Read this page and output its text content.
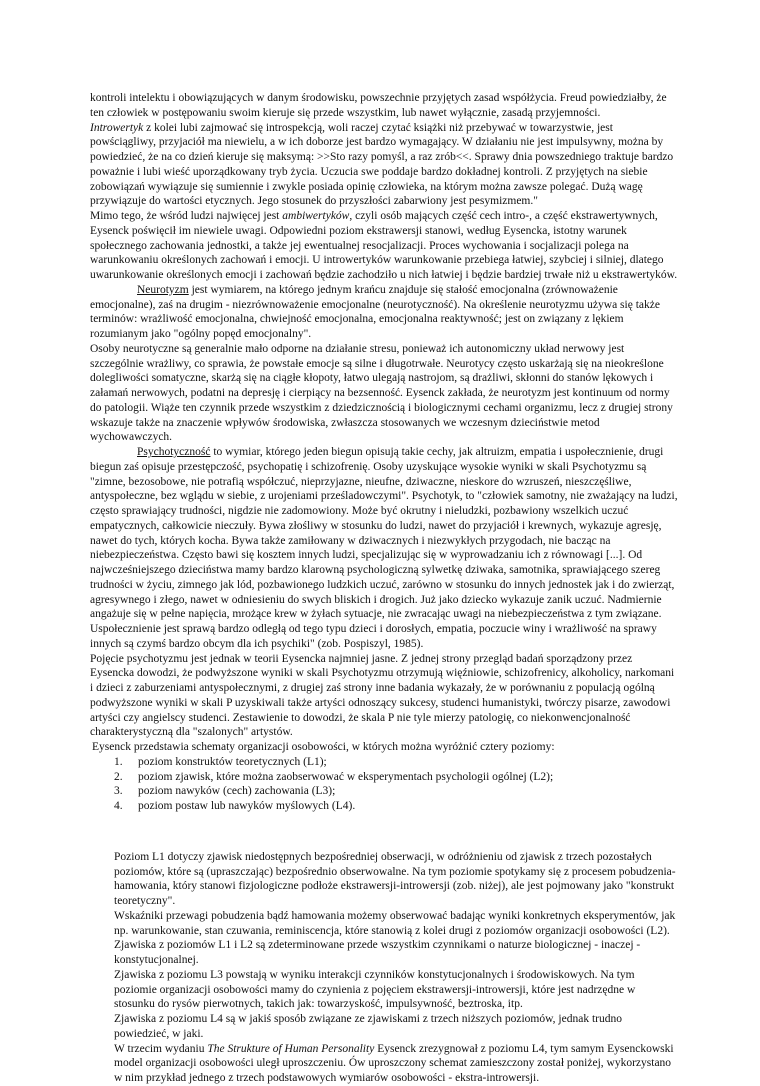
kontroli intelektu i obowiązujących w danym środowisku, powszechnie przyjętych zasad współżycia. Freud powiedziałby, że ten człowiek w postępowaniu swoim kieruje się przede wszystkim, lub nawet wyłącznie, zasadą przyjemności.

Introwertyk z kolei lubi zajmować się introspekcją, woli raczej czytać książki niż przebywać w towarzystwie, jest powściągliwy, przyjaciół ma niewielu, a w ich doborze jest bardzo wymagający. W działaniu nie jest impulsywny, można by powiedzieć, że na co dzień kieruje się maksymą: >>Sto razy pomyśl, a raz zrób<<. Sprawy dnia powszedniego traktuje bardzo poważnie i lubi wieść uporządkowany tryb życia. Uczucia swe poddaje bardzo dokładnej kontroli. Z przyjętych na siebie zobowiązań wywiązuje się sumiennie i zwykle posiada opinię człowieka, na którym można zawsze polegać. Dużą wagę przywiązuje do wartości etycznych. Jego stosunek do przyszłości zabarwiony jest pesymizmem."

Mimo tego, że wśród ludzi najwięcej jest ambiwertyków, czyli osób mających część cech intro-, a część ekstrawertywnych, Eysenck poświęcił im niewiele uwagi. Odpowiedni poziom ekstrawersji stanowi, według Eysencka, istotny warunek społecznego zachowania jednostki, a także jej ewentualnej resocjalizacji. Proces wychowania i socjalizacji polega na warunkowaniu określonych zachowań i emocji. U introwertyków warunkowanie przebiega łatwiej, szybciej i silniej, dlatego uwarunkowanie określonych emocji i zachowań będzie zachodziło u nich łatwiej i będzie bardziej trwałe niż u ekstrawertyków.

Neurotyzm jest wymiarem, na którego jednym krańcu znajduje się stałość emocjonalna (zrównoważenie emocjonalne), zaś na drugim - niezrównoważenie emocjonalne (neurotyczność). Na określenie neurotyzmu używa się także terminów: wrażliwość emocjonalna, chwiejność emocjonalna, emocjonalna reaktywność; jest on związany z lękiem rozumianym jako "ogólny popęd emocjonalny".

Osoby neurotyczne są generalnie mało odporne na działanie stresu, ponieważ ich autonomiczny układ nerwowy jest szczególnie wrażliwy, co sprawia, że powstałe emocje są silne i długotrwałe. Neurotycy często uskarżają się na nieokreślone dolegliwości somatyczne, skarżą się na ciągłe kłopoty, łatwo ulegają nastrojom, są drażliwi, skłonni do stanów lękowych i załamań nerwowych, podatni na depresję i cierpiący na bezsenność. Eysenck zakłada, że neurotyzm jest kontinuum od normy do patologii. Wiąże ten czynnik przede wszystkim z dziedzicznością i biologicznymi cechami organizmu, lecz z drugiej strony wskazuje także na znaczenie wpływów środowiska, zwłaszcza stosowanych we wczesnym dzieciństwie metod wychowawczych.

Psychotyczność to wymiar, którego jeden biegun opisują takie cechy, jak altruizm, empatia i uspołecznienie, drugi biegun zaś opisuje przestępczość, psychopatię i schizofrenię. Osoby uzyskujące wysokie wyniki w skali Psychotyzmu są "zimne, bezosobowe, nie potrafią współczuć, nieprzyjazne, nieufne, dziwaczne, nieskore do wzruszeń, nieszczęśliwe, antyspołeczne, bez wglądu w siebie, z urojeniami prześladowczymi". Psychotyk, to "człowiek samotny, nie zważający na ludzi, często sprawiający trudności, nigdzie nie zadomowiony. Może być okrutny i nieludzki, pozbawiony wszelkich uczuć empatycznych, całkowicie nieczuły. Bywa złośliwy w stosunku do ludzi, nawet do przyjaciół i krewnych, wykazuje agresję, nawet do tych, których kocha. Bywa także zamiłowany w dziwacznych i niezwykłych przygodach, nie bacząc na niebezpieczeństwa. Często bawi się kosztem innych ludzi, specjalizując się w wyprowadzaniu ich z równowagi [...]. Od najwcześniejszego dzieciństwa mamy bardzo klarowną psychologiczną sylwetkę dziwaka, samotnika, sprawiającego szereg trudności w życiu, zimnego jak lód, pozbawionego ludzkich uczuć, zarówno w stosunku do innych jednostek jak i do zwierząt, agresywnego i złego, nawet w odniesieniu do swych bliskich i drogich. Już jako dziecko wykazuje zanik uczuć. Nadmiernie angażuje się w pełne napięcia, mrożące krew w żyłach sytuacje, nie zwracając uwagi na niebezpieczeństwa z tym związane. Uspołecznienie jest sprawą bardzo odległą od tego typu dzieci i dorosłych, empatia, poczucie winy i wrażliwość na sprawy innych są czymś bardzo obcym dla ich psychiki" (zob. Pospiszyl, 1985).

Pojęcie psychotyzmu jest jednak w teorii Eysencka najmniej jasne. Z jednej strony przegląd badań sporządzony przez Eysencka dowodzi, że podwyższone wyniki w skali Psychotyzmu otrzymują więźniowie, schizofrenicy, alkoholicy, narkomani i dzieci z zaburzeniami antyspołecznymi, z drugiej zaś strony inne badania wykazały, że w porównaniu z populacją ogólną podwyższone wyniki w skali P uzyskiwali także artyści odnoszący sukcesy, studenci humanistyki, twórczy pisarze, zawodowi artyści czy angielscy studenci. Zestawienie to dowodzi, że skala P nie tyle mierzy patologię, co niekonwencjonalność charakterystyczną dla "szalonych" artystów.

Eysenck przedstawia schematy organizacji osobowości, w których można wyróżnić cztery poziomy:

1. poziom konstruktów teoretycznych (L1);
2. poziom zjawisk, które można zaobserwować w eksperymentach psychologii ogólnej (L2);
3. poziom nawyków (cech) zachowania (L3);
4. poziom postaw lub nawyków myślowych (L4).

Poziom L1 dotyczy zjawisk niedostępnych bezpośredniej obserwacji, w odróżnieniu od zjawisk z trzech pozostałych poziomów, które są (upraszczając) bezpośrednio obserwowalne. Na tym poziomie spotykamy się z procesem pobudzenia-hamowania, który stanowi fizjologiczne podłoże ekstrawersji-introwersji (zob. niżej), ale jest pojmowany jako "konstrukt teoretyczny".

Wskaźniki przewagi pobudzenia bądź hamowania możemy obserwować badając wyniki konkretnych eksperymentów, jak np. warunkowanie, stan czuwania, reminiscencja, które stanowią z kolei drugi z poziomów organizacji osobowości (L2). Zjawiska z poziomów L1 i L2 są zdeterminowane przede wszystkim czynnikami o naturze biologicznej - inaczej - konstytucjonalnej.

Zjawiska z poziomu L3 powstają w wyniku interakcji czynników konstytucjonalnych i środowiskowych. Na tym poziomie organizacji osobowości mamy do czynienia z pojęciem ekstrawersji-introwersji, które jest nadrzędne w stosunku do rysów pierwotnych, takich jak: towarzyskość, impulsywność, beztroska, itp.

Zjawiska z poziomu L4 są w jakiś sposób związane ze zjawiskami z trzech niższych poziomów, jednak trudno powiedzieć, w jaki.

W trzecim wydaniu The Strukture of Human Personality Eysenck zrezygnował z poziomu L4, tym samym Eysenckowski model organizacji osobowości uległ uproszczeniu. Ów uproszczony schemat zamieszczony został poniżej, wykorzystano w nim przykład jednego z trzech podstawowych wymiarów osobowości - ekstra-introwersji.
